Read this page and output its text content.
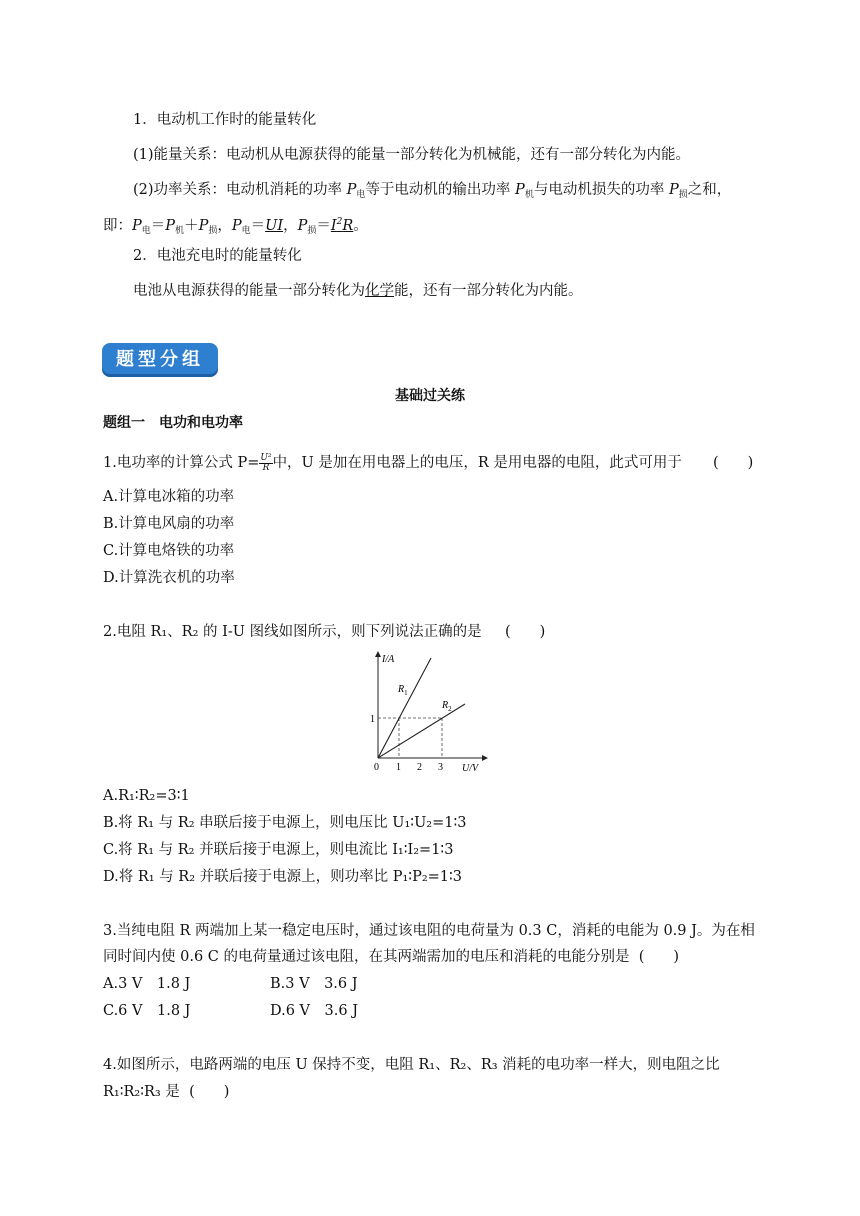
1．电动机工作时的能量转化
(1)能量关系：电动机从电源获得的能量一部分转化为机械能，还有一部分转化为内能。
(2)功率关系：电动机消耗的功率 $P_电$等于电动机的输出功率 $P_机$与电动机损失的功率 $P_损$之和，
即：$P_电=P_机+P_损$，$P_电=UI$，$P_损=I^2R$。
2．电池充电时的能量转化
电池从电源获得的能量一部分转化为化学能，还有一部分转化为内能。
题型分组
基础过关练
题组一　电功和电功率
1.电功率的计算公式 $P= \frac{\text{U²}}{R}$ 中，U 是加在用电器上的电压，R 是用电器的电阻，此式可用于 (　　)
A.计算电冰箱的功率
B.计算电风扇的功率
C.计算电烙铁的功率
D.计算洗衣机的功率
2.电阻 R₁、R₂ 的 I-U 图线如图所示，则下列说法正确的是 (　　)
I/A
U/V
0 1 2 3
1
$R_1$
$R_2$
A.R₁∶R₂=3∶1
B.将 R₁ 与 R₂ 串联后接于电源上，则电压比 U₁∶U₂=1∶3
C.将 R₁ 与 R₂ 并联后接于电源上，则电流比 I₁∶I₂=1∶3
D.将 R₁ 与 R₂ 并联后接于电源上，则功率比 P₁∶P₂=1∶3
3.当纯电阻 R 两端加上某一稳定电压时，通过该电阻的电荷量为 0.3 C，消耗的电能为 0.9 J。为在相
同时间内使 0.6 C 的电荷量通过该电阻，在其两端需加的电压和消耗的电能分别是 (　　)
A.3 V　1.8 J	B.3 V　3.6 J
C.6 V　1.8 J	D.6 V　3.6 J
4.如图所示，电路两端的电压 U 保持不变，电阻 R₁、R₂、R₃ 消耗的电功率一样大，则电阻之比
R₁∶R₂∶R₃ 是 (　　)
